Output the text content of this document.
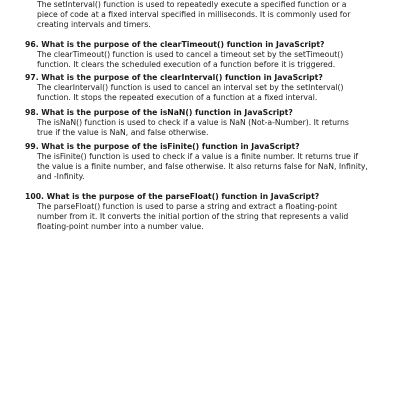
The setInterval() function is used to repeatedly execute a specified function or a
piece of code at a fixed interval specified in milliseconds. It is commonly used for
creating intervals and timers.
96. What is the purpose of the clearTimeout() function in JavaScript?
The clearTimeout() function is used to cancel a timeout set by the setTimeout()
function. It clears the scheduled execution of a function before it is triggered.
97. What is the purpose of the clearInterval() function in JavaScript?
The clearInterval() function is used to cancel an interval set by the setInterval()
function. It stops the repeated execution of a function at a fixed interval.
98. What is the purpose of the isNaN() function in JavaScript?
The isNaN() function is used to check if a value is NaN (Not-a-Number). It returns
true if the value is NaN, and false otherwise.
99. What is the purpose of the isFinite() function in JavaScript?
The isFinite() function is used to check if a value is a finite number. It returns true if
the value is a finite number, and false otherwise. It also returns false for NaN, Infinity,
and -Infinity.
100. What is the purpose of the parseFloat() function in JavaScript?
The parseFloat() function is used to parse a string and extract a floating-point
number from it. It converts the initial portion of the string that represents a valid
floating-point number into a number value.
